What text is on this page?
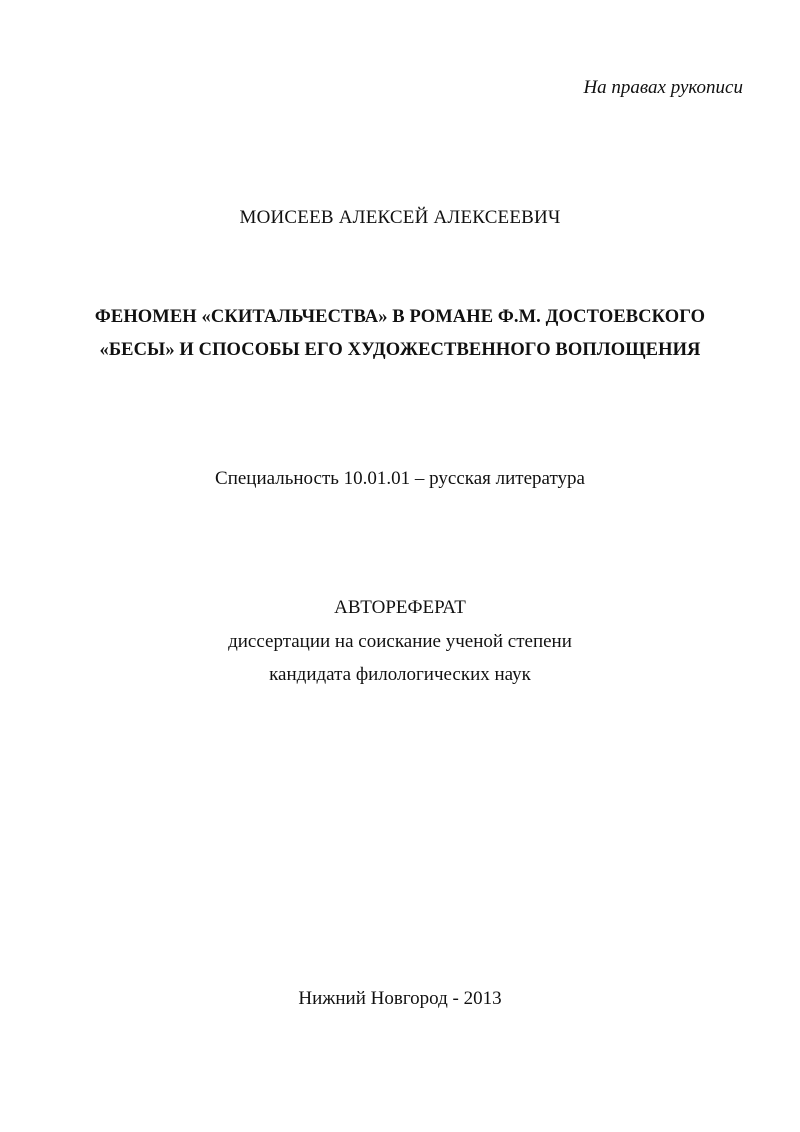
На правах рукописи
МОИСЕЕВ АЛЕКСЕЙ АЛЕКСЕЕВИЧ
ФЕНОМЕН «СКИТАЛЬЧЕСТВА» В РОМАНЕ Ф.М. ДОСТОЕВСКОГО
«БЕСЫ» И СПОСОБЫ ЕГО ХУДОЖЕСТВЕННОГО ВОПЛОЩЕНИЯ
Специальность 10.01.01 – русская литература
АВТОРЕФЕРАТ
диссертации на соискание ученой степени
кандидата филологических наук
Нижний Новгород - 2013
